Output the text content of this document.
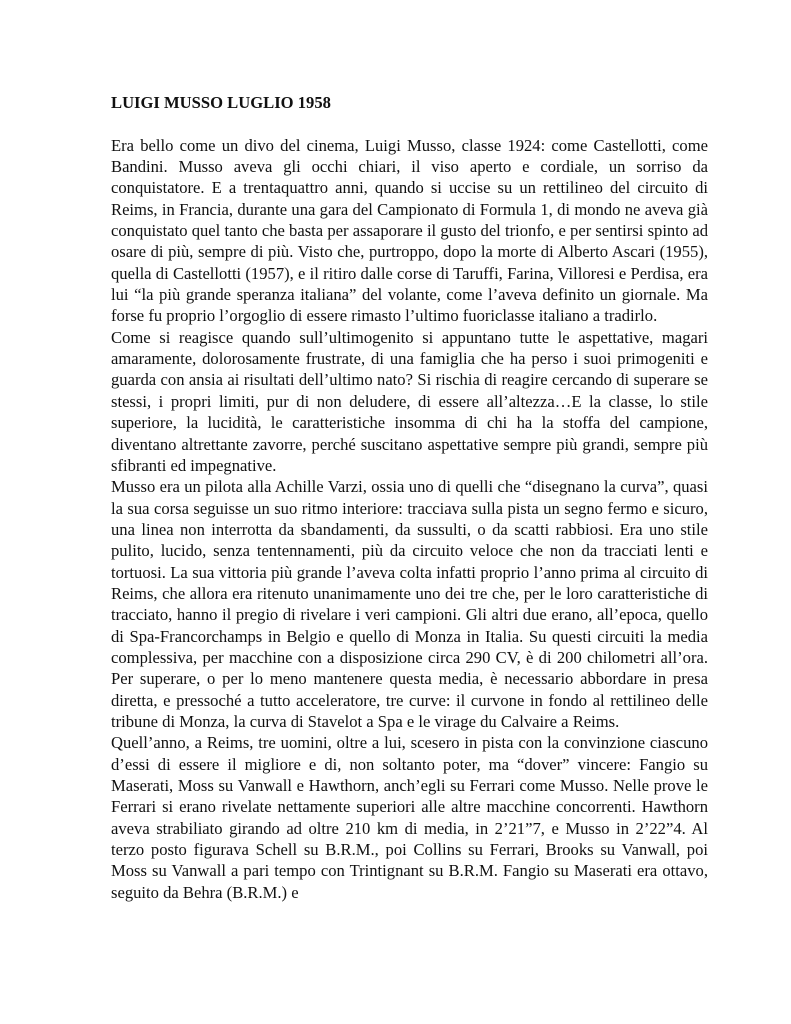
LUIGI MUSSO LUGLIO 1958

Era bello come un divo del cinema, Luigi Musso, classe 1924: come Castellotti, come Bandini. Musso aveva gli occhi chiari, il viso aperto e cordiale, un sorriso da conquistatore. E a trentaquattro anni, quando si uccise su un rettilineo del circuito di Reims, in Francia, durante una gara del Campionato di Formula 1, di mondo ne aveva già conquistato quel tanto che basta per assaporare il gusto del trionfo, e per sentirsi spinto ad osare di più, sempre di più. Visto che, purtroppo, dopo la morte di Alberto Ascari (1955), quella di Castellotti (1957), e il ritiro dalle corse di Taruffi, Farina, Villoresi e Perdisa, era lui “la più grande speranza italiana” del volante, come l’aveva definito un giornale. Ma forse fu proprio l’orgoglio di essere rimasto l’ultimo fuoriclasse italiano a tradirlo.

Come si reagisce quando sull’ultimogenito si appuntano tutte le aspettative, magari amaramente, dolorosamente frustrate, di una famiglia che ha perso i suoi primogeniti e guarda con ansia ai risultati dell’ultimo nato? Si rischia di reagire cercando di superare se stessi, i propri limiti, pur di non deludere, di essere all’altezza…E la classe, lo stile superiore, la lucidità, le caratteristiche insomma di chi ha la stoffa del campione, diventano altrettante zavorre, perché suscitano aspettative sempre più grandi, sempre più sfibranti ed impegnative.

Musso era un pilota alla Achille Varzi, ossia uno di quelli che “disegnano la curva”, quasi la sua corsa seguisse un suo ritmo interiore: tracciava sulla pista un segno fermo e sicuro, una linea non interrotta da sbandamenti, da sussulti, o da scatti rabbiosi. Era uno stile pulito, lucido, senza tentennamenti, più da circuito veloce che non da tracciati lenti e tortuosi. La sua vittoria più grande l’aveva colta infatti proprio l’anno prima al circuito di Reims, che allora era ritenuto unanimamente uno dei tre che, per le loro caratteristiche di tracciato, hanno il pregio di rivelare i veri campioni. Gli altri due erano, all’epoca, quello di Spa-Francorchamps in Belgio e quello di Monza in Italia. Su questi circuiti la media complessiva, per macchine con a disposizione circa 290 CV, è di 200 chilometri all’ora. Per superare, o per lo meno mantenere questa media, è necessario abbordare in presa diretta, e pressoché a tutto acceleratore, tre curve: il curvone in fondo al rettilineo delle tribune di Monza, la curva di Stavelot a Spa e le virage du Calvaire a Reims.

Quell’anno, a Reims, tre uomini, oltre a lui, scesero in pista con la convinzione ciascuno d’essi di essere il migliore e di, non soltanto poter, ma “dover” vincere: Fangio su Maserati, Moss su Vanwall e Hawthorn, anch’egli su Ferrari come Musso. Nelle prove le Ferrari si erano rivelate nettamente superiori alle altre macchine concorrenti. Hawthorn aveva strabiliato girando ad oltre 210 km di media, in 2’21”7, e Musso in 2’22”4. Al terzo posto figurava Schell su B.R.M., poi Collins su Ferrari, Brooks su Vanwall, poi Moss su Vanwall a pari tempo con Trintignant su B.R.M. Fangio su Maserati era ottavo, seguito da Behra (B.R.M.) e
